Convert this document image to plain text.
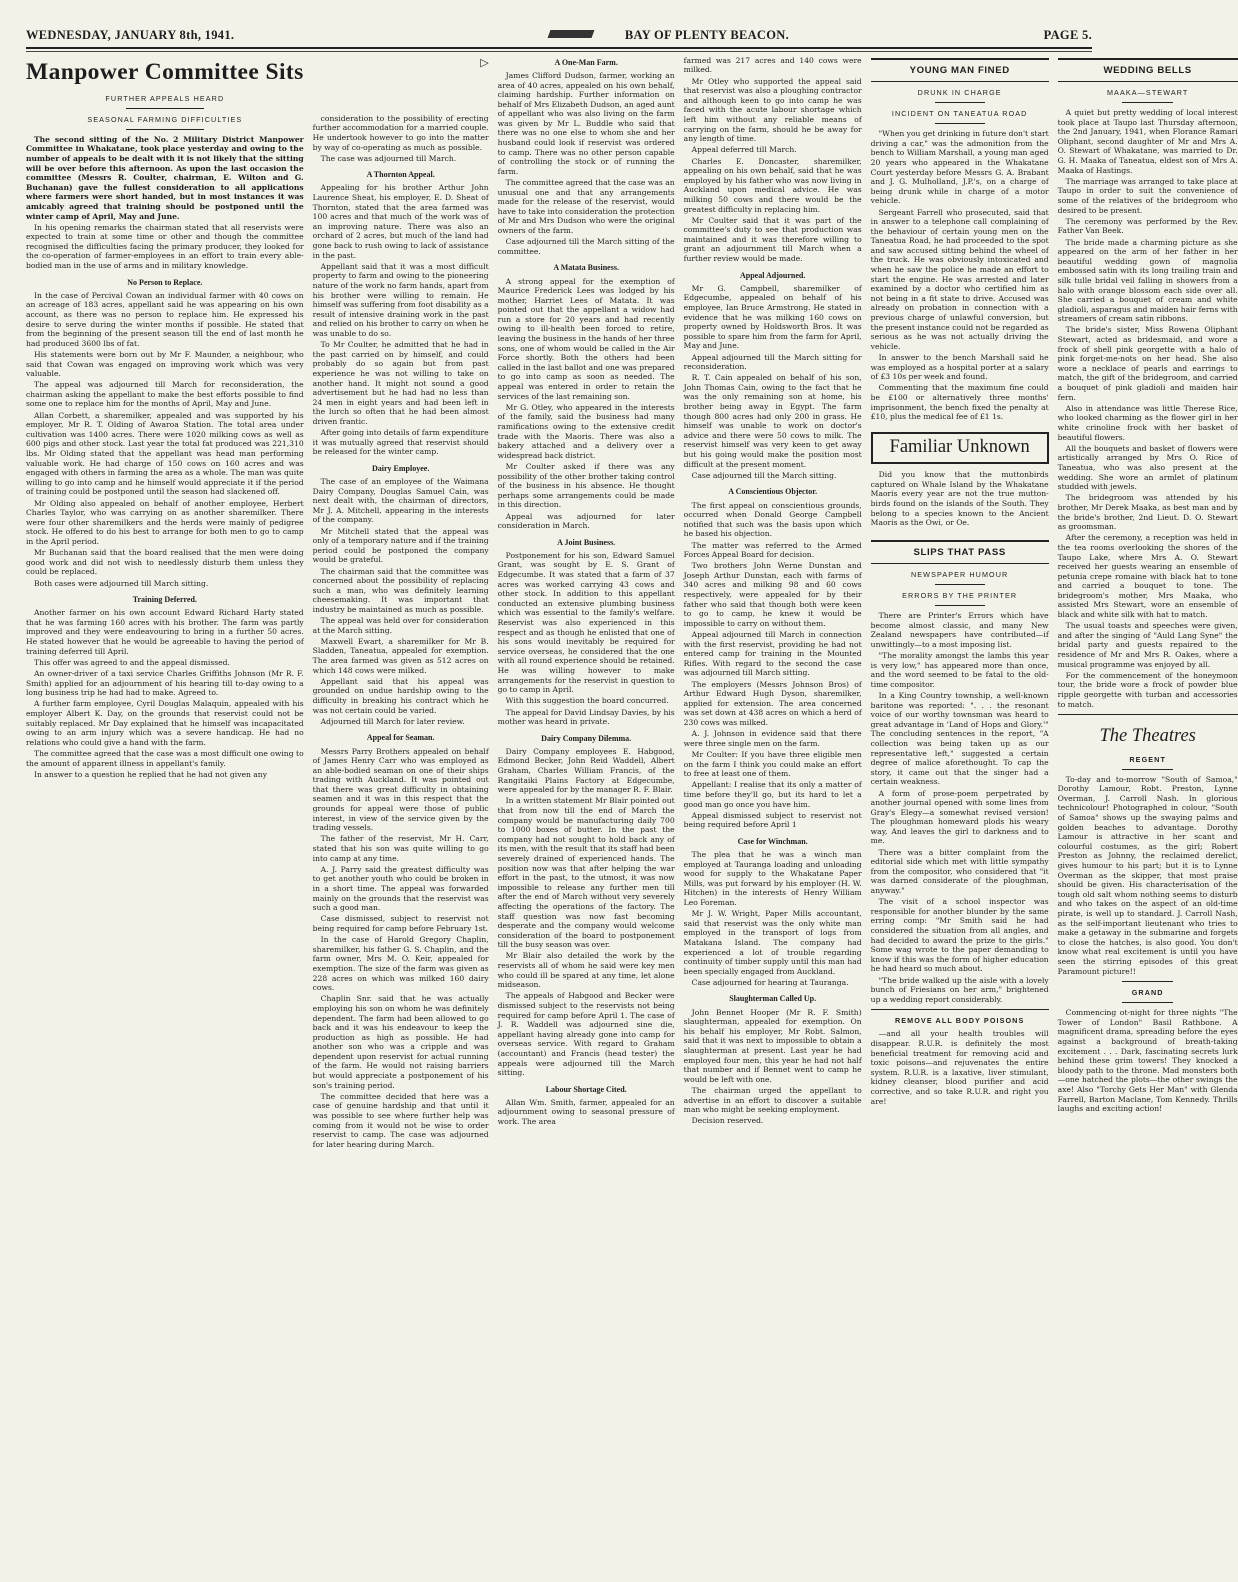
WEDNESDAY, JANUARY 8th, 1941.	BAY OF PLENTY BEACON.	PAGE 5.
Manpower Committee Sits
FURTHER APPEALS HEARD
SEASONAL FARMING DIFFICULTIES

The second sitting of the No. 2 Military District Manpower Committee in Whakatane, took place yesterday and owing to the number of appeals to be dealt with it is not likely that the sitting will be over before this afternoon. As upon the last occasion the committee (Messrs R. Coulter, chairman, E. Wilton and G. Buchanan) gave the fullest consideration to all applications where farmers were short handed, but in most instances it was amicably agreed that training should be postponed until the winter camp of April, May and June.

In his opening remarks the chairman stated that all reservists were expected to train at some time or other and though the committee recognised the difficulties facing the primary producer, they looked for the co-operation of farmer-employees in an effort to train every able-bodied man in the use of arms and in military knowledge.

No Person to Replace.

In the case of Percival Cowan an individual farmer with 40 cows on an acreage of 183 acres, appellant said he was appearing on his own account, as there was no person to replace him. He expressed his desire to serve during the winter months if possible. He stated that from the beginning of the present season till the end of last month he had produced 3600 lbs of fat.

His statements were born out by Mr F. Maunder, a neighbour, who said that Cowan was engaged on improving work which was very valuable.

The appeal was adjourned till March for reconsideration, the chairman asking the appellant to make the best efforts possible to find some one to replace him for the months of April, May and June.

Allan Corbett, a sharemilker, appealed and was supported by his employer, Mr R. T. Olding of Awaroa Station. The total area under cultivation was 1400 acres. There were 1020 milking cows as well as 600 pigs and other stock. Last year the total fat produced was 221,310 lbs. Mr Olding stated that the appellant was head man performing valuable work. He had charge of 150 cows on 160 acres and was engaged with others in farming the area as a whole. The man was quite willing to go into camp and he himself would appreciate it if the period of training could be postponed until the season had slackened off.

Mr Olding also appealed on behalf of another employee, Herbert Charles Taylor, who was carrying on as another sharemilker. There were four other sharemilkers and the herds were mainly of pedigree stock. He offered to do his best to arrange for both men to go to camp in the April period.

Mr Buchanan said that the board realised that the men were doing good work and did not wish to needlessly disturb them unless they could be replaced.

Both cases were adjourned till March sitting.

Training Deferred.

Another farmer on his own account Edward Richard Harty stated that he was farming 160 acres with his brother. The farm was partly improved and they were endeavouring to bring in a further 50 acres. He stated however that he would be agreeable to having the period of training deferred till April.

This offer was agreed to and the appeal dismissed.

An owner-driver of a taxi service Charles Griffiths Johnson (Mr R. F. Smith) applied for an adjournment of his hearing till to-day owing to a long business trip he had had to make. Agreed to.

A further farm employee, Cyril Douglas Malaquin, appealed with his employer Albert K. Day, on the grounds that reservist could not be suitably replaced. Mr Day explained that he himself was incapacitated owing to an arm injury which was a severe handicap. He had no relations who could give a hand with the farm.

The committee agreed that the case was a most difficult one owing to the amount of apparent illness in appellant's family.

In answer to a question he replied that he had not given any

▷

consideration to the possibility of erecting further accommodation for a married couple. He undertook however to go into the matter by way of co-operating as much as possible.

The case was adjourned till March.

A Thornton Appeal.

Appealing for his brother Arthur John Laurence Sheat, his employer, E. D. Sheat of Thornton, stated that the area farmed was 100 acres and that much of the work was of an improving nature. There was also an orchard of 2 acres, but much of the land had gone back to rush owing to lack of assistance in the past.

Appellant said that it was a most difficult property to farm and owing to the pioneering nature of the work no farm hands, apart from his brother were willing to remain. He himself was suffering from foot disability as a result of intensive draining work in the past and relied on his brother to carry on when he was unable to do so.

To Mr Coulter, he admitted that he had in the past carried on by himself, and could probably do so again but from past experience he was not willing to take on another hand. It might not sound a good advertisement but he had had no less than 24 men in eight years and had been left in the lurch so often that he had been almost driven frantic.

After going into details of farm expenditure it was mutually agreed that reservist should be released for the winter camp.

Dairy Employee.

The case of an employee of the Waimana Dairy Company, Douglas Samuel Cain, was next dealt with, the chairman of directors, Mr J. A. Mitchell, appearing in the interests of the company.

Mr Mitchell stated that the appeal was only of a temporary nature and if the training period could be postponed the company would be grateful.

The chairman said that the committee was concerned about the possibility of replacing such a man, who was definitely learning cheesemaking. It was important that industry be maintained as much as possible.

The appeal was held over for consideration at the March sitting.

Maxwell Ewart, a sharemilker for Mr B. Sladden, Taneatua, appealed for exemption. The area farmed was given as 512 acres on which 148 cows were milked.

Appellant said that his appeal was grounded on undue hardship owing to the difficulty in breaking his contract which he was not certain could be varied.

Adjourned till March for later review.

Appeal for Seaman.

Messrs Parry Brothers appealed on behalf of James Henry Carr who was employed as an able-bodied seaman on one of their ships trading with Auckland. It was pointed out that there was great difficulty in obtaining seamen and it was in this respect that the grounds for appeal were those of public interest, in view of the service given by the trading vessels.

The father of the reservist, Mr H. Carr, stated that his son was quite willing to go into camp at any time.

A. J. Parry said the greatest difficulty was to get another youth who could be broken in in a short time. The appeal was forwarded mainly on the grounds that the reservist was such a good man.

Case dismissed, subject to reservist not being required for camp before February 1st.

In the case of Harold Gregory Chaplin, sharemilker, his father G. S. Chaplin, and the farm owner, Mrs M. O. Keir, appealed for exemption. The size of the farm was given as 228 acres on which was milked 160 dairy cows.

Chaplin Snr. said that he was actually employing his son on whom he was definitely dependent. The farm had been allowed to go back and it was his endeavour to keep the production as high as possible. He had another son who was a cripple and was dependent upon reservist for actual running of the farm. He would not raising barriers but would appreciate a postponement of his son's training period.

The committee decided that here was a case of genuine hardship and that until it was possible to see where further help was coming from it would not be wise to order reservist to camp. The case was adjourned for later hearing during March.

A One-Man Farm.

James Clifford Dudson, farmer, working an area of 40 acres, appealed on his own behalf, claiming hardship. Further information on behalf of Mrs Elizabeth Dudson, an aged aunt of appellant who was also living on the farm was given by Mr L. Buddle who said that there was no one else to whom she and her husband could look if reservist was ordered to camp. There was no other person capable of controlling the stock or of running the farm.

The committee agreed that the case was an unusual one and that any arrangements made for the release of the reservist, would have to take into consideration the protection of Mr and Mrs Dudson who were the original owners of the farm.

Case adjourned till the March sitting of the committee.

A Matata Business.

A strong appeal for the exemption of Maurice Frederick Lees was lodged by his mother, Harriet Lees of Matata. It was pointed out that the appellant a widow had run a store for 20 years and had recently owing to ill-health been forced to retire, leaving the business in the hands of her three sons, one of whom would be called in the Air Force shortly. Both the others had been called in the last ballot and one was prepared to go into camp as soon as needed. The appeal was entered in order to retain the services of the last remaining son.

Mr G. Otley, who appeared in the interests of the family, said the business had many ramifications owing to the extensive credit trade with the Maoris. There was also a bakery attached and a delivery over a widespread back district.

Mr Coulter asked if there was any possibility of the other brother taking control of the business in his absence. He thought perhaps some arrangements could be made in this direction.

Appeal was adjourned for later consideration in March.

A Joint Business.

Postponement for his son, Edward Samuel Grant, was sought by E. S. Grant of Edgecumbe. It was stated that a farm of 37 acres was worked carrying 43 cows and other stock. In addition to this appellant conducted an extensive plumbing business which was essential to the family's welfare. Reservist was also experienced in this respect and as though he enlisted that one of his sons would inevitably be required for service overseas, he considered that the one with all round experience should be retained. He was willing however to make arrangements for the reservist in question to go to camp in April.

With this suggestion the board concurred.

The appeal for David Lindsay Davies, by his mother was heard in private.

Dairy Company Dilemma.

Dairy Company employees E. Habgood, Edmond Becker, John Reid Waddell, Albert Graham, Charles William Francis, of the Rangitaiki Plains Factory at Edgecumbe, were appealed for by the manager R. F. Blair.

In a written statement Mr Blair pointed out that from now till the end of March the company would be manufacturing daily 700 to 1000 boxes of butter. In the past the company had not sought to hold back any of its men, with the result that its staff had been severely drained of experienced hands. The position now was that after helping the war effort in the past, to the utmost, it was now impossible to release any further men till after the end of March without very severely affecting the operations of the factory. The staff question was now fast becoming desperate and the company would welcome consideration of the board to postponement till the busy season was over.

Mr Blair also detailed the work by the reservists all of whom he said were key men who could ill be spared at any time, let alone midseason.

The appeals of Habgood and Becker were dismissed subject to the reservists not being required for camp before April 1. The case of J. R. Waddell was adjourned sine die, appellant having already gone into camp for overseas service. With regard to Graham (accountant) and Francis (head tester) the appeals were adjourned till the March sitting.

Labour Shortage Cited.

Allan Wm. Smith, farmer, appealed for an adjournment owing to seasonal pressure of work. The area

farmed was 217 acres and 140 cows were milked.

Mr Otley who supported the appeal said that reservist was also a ploughing contractor and although keen to go into camp he was faced with the acute labour shortage which left him without any reliable means of carrying on the farm, should he be away for any length of time.

Appeal deferred till March.

Charles E. Doncaster, sharemilker, appealing on his own behalf, said that he was employed by his father who was now living in Auckland upon medical advice. He was milking 50 cows and there would be the greatest difficulty in replacing him.

Mr Coulter said that it was part of the committee's duty to see that production was maintained and it was therefore willing to grant an adjournment till March when a further review would be made.

Appeal Adjourned.

Mr G. Campbell, sharemilker of Edgecumbe, appealed on behalf of his employee, Ian Bruce Armstrong. He stated in evidence that he was milking 160 cows on property owned by Holdsworth Bros. It was possible to spare him from the farm for April, May and June.

Appeal adjourned till the March sitting for reconsideration.

R. T. Cain appealed on behalf of his son, John Thomas Cain, owing to the fact that he was the only remaining son at home, his brother being away in Egypt. The farm though 800 acres had only 200 in grass. He himself was unable to work on doctor's advice and there were 50 cows to milk. The reservist himself was very keen to get away but his going would make the position most difficult at the present moment.

Case adjourned till the March sitting.

A Conscientious Objector.

The first appeal on conscientious grounds, occurred when Donald George Campbell notified that such was the basis upon which he based his objection.

The matter was referred to the Armed Forces Appeal Board for decision.

Two brothers John Werne Dunstan and Joseph Arthur Dunstan, each with farms of 340 acres and milking 98 and 60 cows respectively, were appealed for by their father who said that though both were keen to go to camp, he knew it would be impossible to carry on without them.

Appeal adjourned till March in connection with the first reservist, providing he had not entered camp for training in the Mounted Rifles. With regard to the second the case was adjourned till March sitting.

The employers (Messrs Johnson Bros) of Arthur Edward Hugh Dyson, sharemilker, applied for extension. The area concerned was set down at 438 acres on which a herd of 230 cows was milked.

A. J. Johnson in evidence said that there were three single men on the farm.

Mr Coulter: If you have three eligible men on the farm I think you could make an effort to free at least one of them.

Appellant: I realise that its only a matter of time before they'll go, but its hard to let a good man go once you have him.

Appeal dismissed subject to reservist not being required before April 1

Case for Winchman.

The plea that he was a winch man employed at Tauranga loading and unloading wood for supply to the Whakatane Paper Mills, was put forward by his employer (H. W. Hitchen) in the interests of Henry William Leo Foreman.

Mr J. W. Wright, Paper Mills accountant, said that reservist was the only white man employed in the transport of logs from Matakana Island. The company had experienced a lot of trouble regarding continuity of timber supply until this man had been specially engaged from Auckland.

Case adjourned for hearing at Tauranga.

Slaughterman Called Up.

John Bennet Hooper (Mr R. F. Smith) slaughterman, appealed for exemption. On his behalf his employer, Mr Robt. Salmon, said that it was next to impossible to obtain a slaughterman at present. Last year he had employed four men, this year he had not half that number and if Bennet went to camp he would be left with one.

The chairman urged the appellant to advertise in an effort to discover a suitable man who might be seeking employment.

Decision reserved.

YOUNG MAN FINED
DRUNK IN CHARGE
INCIDENT ON TANEATUA ROAD

"When you get drinking in future don't start driving a car," was the admonition from the bench to William Marshall, a young man aged 20 years who appeared in the Whakatane Court yesterday before Messrs G. A. Brabant and J. G. Mulholland, J.P.'s, on a charge of being drunk while in charge of a motor vehicle.

Sergeant Farrell who prosecuted, said that in answer to a telephone call complaining of the behaviour of certain young men on the Taneatua Road, he had proceeded to the spot and saw accused sitting behind the wheel of the truck. He was obviously intoxicated and when he saw the police he made an effort to start the engine. He was arrested and later examined by a doctor who certified him as not being in a fit state to drive. Accused was already on probation in connection with a previous charge of unlawful conversion, but the present instance could not be regarded as serious as he was not actually driving the vehicle.

In answer to the bench Marshall said he was employed as a hospital porter at a salary of £3 10s per week and found.

Commenting that the maximum fine could be £100 or alternatively three months' imprisonment, the bench fixed the penalty at £10, plus the medical fee of £1 1s.

Familiar Unknown

Did you know that the muttonbirds captured on Whale Island by the Whakatane Maoris every year are not the true mutton-birds found on the islands of the South. They belong to a species known to the Ancient Maoris as the Owi, or Oe.

SLIPS THAT PASS
NEWSPAPER HUMOUR
ERRORS BY THE PRINTER

There are Printer's Errors which have become almost classic, and many New Zealand newspapers have contributed—if unwittingly—to a most imposing list.

"The morality amongst the lambs this year is very low," has appeared more than once, and the word seemed to be fatal to the old-time compositor.

In a King Country township, a well-known baritone was reported: ". . . the resonant voice of our worthy townsman was heard to great advantage in 'Land of Hops and Glory.'" The concluding sentences in the report, "A collection was being taken up as our representative left," suggested a certain degree of malice aforethought. To cap the story, it came out that the singer had a certain weakness.

A form of prose-poem perpetrated by another journal opened with some lines from Gray's Elegy—a somewhat revised version! The ploughman homeward plods his weary way, And leaves the girl to darkness and to me.

There was a bitter complaint from the editorial side which met with little sympathy from the compositor, who considered that "it was darned considerate of the ploughman, anyway."

The visit of a school inspector was responsible for another blunder by the same erring comp: "Mr Smith said he had considered the situation from all angles, and had decided to award the prize to the girls." Some wag wrote to the paper demanding to know if this was the form of higher education he had heard so much about.

"The bride walked up the aisle with a lovely bunch of Friesians on her arm," brightened up a wedding report considerably.

REMOVE ALL BODY POISONS

—and all your health troubles will disappear. R.U.R. is definitely the most beneficial treatment for removing acid and toxic poisons—and rejuvenates the entire system. R.U.R. is a laxative, liver stimulant, kidney cleanser, blood purifier and acid corrective, and so take R.U.R. and right you are!

WEDDING BELLS
MAAKA—STEWART

A quiet but pretty wedding of local interest took place at Taupo last Thursday afternoon, the 2nd January, 1941, when Florance Ramari Oliphant, second daughter of Mr and Mrs A. O. Stewart of Whakatane, was married to Dr. G. H. Maaka of Taneatua, eldest son of Mrs A. Maaka of Hastings.

The marriage was arranged to take place at Taupo in order to suit the convenience of some of the relatives of the bridegroom who desired to be present.

The ceremony was performed by the Rev. Father Van Beek.

The bride made a charming picture as she appeared on the arm of her father in her beautiful wedding gown of magnolia embossed satin with its long trailing train and silk tulle bridal veil falling in showers from a halo with orange blossom each side over all. She carried a bouquet of cream and white gladioli, asparagus and maiden hair ferns with streamers of cream satin ribbons.

The bride's sister, Miss Rowena Oliphant Stewart, acted as bridesmaid, and wore a frock of shell pink georgette with a halo of pink forget-me-nots on her head. She also wore a necklace of pearls and earrings to match, the gift of the bridegroom, and carried a bouquet of pink gladioli and maiden hair fern.

Also in attendance was little Therese Rice, who looked charming as the flower girl in her white crinoline frock with her basket of beautiful flowers.

All the bouquets and basket of flowers were artistically arranged by Mrs O. Rice of Taneatua, who was also present at the wedding. She wore an armlet of platinum studded with jewels.

The bridegroom was attended by his brother, Mr Derek Maaka, as best man and by the bride's brother, 2nd Lieut. D. O. Stewart as groomsman.

After the ceremony, a reception was held in the tea rooms overlooking the shores of the Taupo Lake, where Mrs A. O. Stewart received her guests wearing an ensemble of petunia crepe romaine with black hat to tone and carried a bouquet to tone. The bridegroom's mother, Mrs Maaka, who assisted Mrs Stewart, wore an ensemble of black and white silk with hat to match.

The usual toasts and speeches were given, and after the singing of "Auld Lang Syne" the bridal party and guests repaired to the residence of Mr and Mrs R. Oakes, where a musical programme was enjoyed by all.

For the commencement of the honeymoon tour, the bride wore a frock of powder blue ripple georgette with turban and accessories to match.

The Theatres
REGENT

To-day and to-morrow "South of Samoa," Dorothy Lamour, Robt. Preston, Lynne Overman, J. Carroll Nash. In glorious technicolour! Photographed in colour, "South of Samoa" shows up the swaying palms and golden beaches to advantage. Dorothy Lamour is attractive in her scant and colourful costumes, as the girl; Robert Preston as Johnny, the reclaimed derelict, gives humour to his part; but it is to Lynne Overman as the skipper, that most praise should be given. His characterisation of the tough old salt whom nothing seems to disturb and who takes on the aspect of an old-time pirate, is well up to standard. J. Carroll Nash, as the self-important lieutenant who tries to make a getaway in the submarine and forgets to close the hatches, is also good. You don't know what real excitement is until you have seen the stirring episodes of this great Paramount picture!!

GRAND

Commencing ot-night for three nights "The Tower of London" Basil Rathbone. A magnificent drama, spreading before the eyes against a background of breath-taking excitement . . . Dark, fascinating secrets lurk behind these grim towers! They knocked a bloody path to the throne. Mad monsters both—one hatched the plots—the other swings the axe! Also "Torchy Gets Her Man" with Glenda Farrell, Barton Maclane, Tom Kennedy. Thrills laughs and exciting action!
